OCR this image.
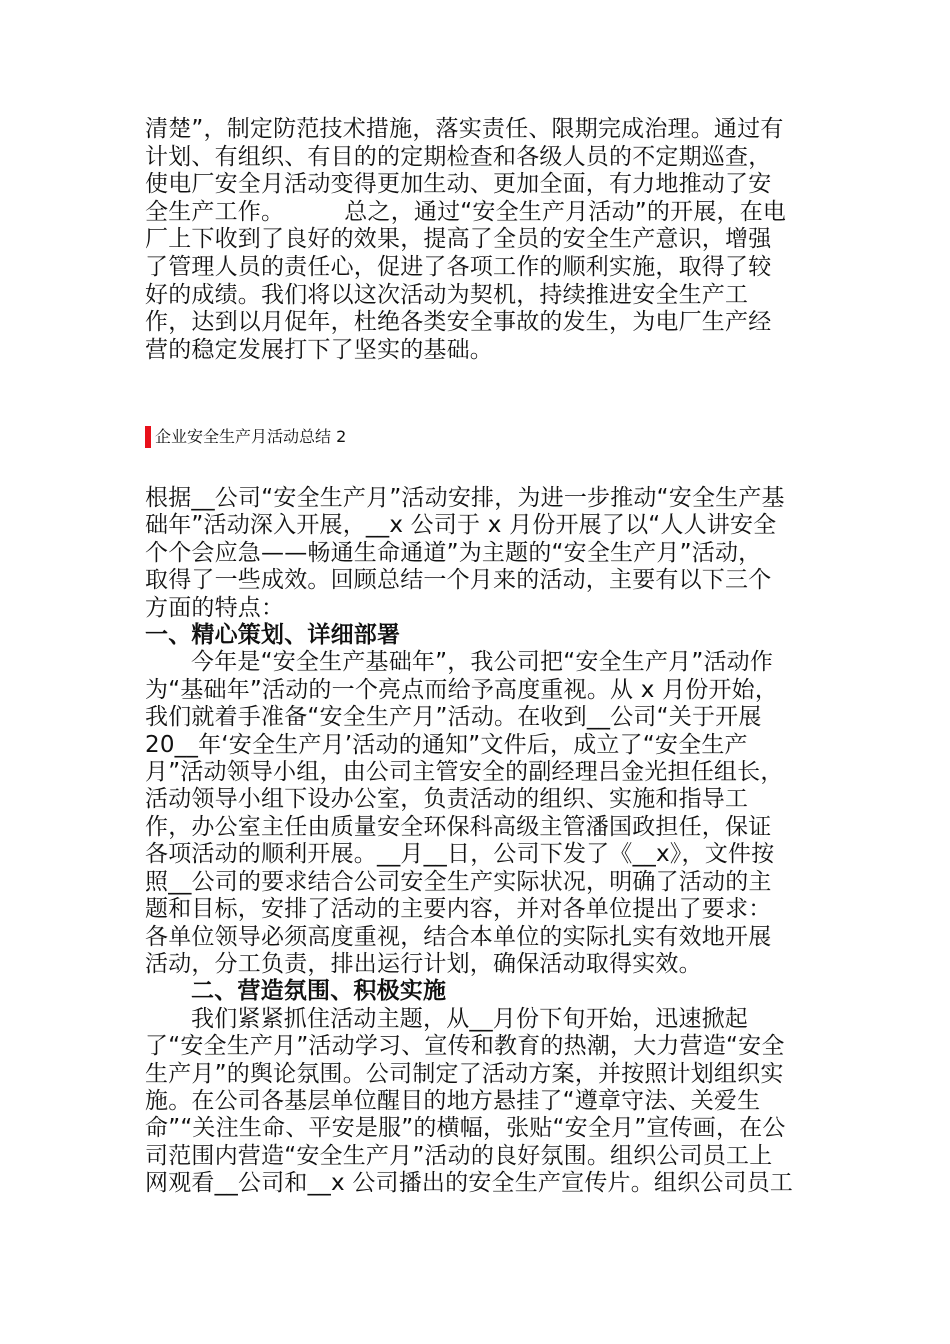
清楚”，制定防范技术措施，落实责任、限期完成治理。通过有
计划、有组织、有目的的定期检查和各级人员的不定期巡查，
使电厂安全月活动变得更加生动、更加全面，有力地推动了安
全生产工作。        总之，通过“安全生产月活动”的开展，在电
厂上下收到了良好的效果，提高了全员的安全生产意识，增强
了管理人员的责任心，促进了各项工作的顺利实施，取得了较
好的成绩。我们将以这次活动为契机，持续推进安全生产工
作，达到以月促年，杜绝各类安全事故的发生，为电厂生产经
营的稳定发展打下了坚实的基础。
企业安全生产月活动总结 2
根据__公司“安全生产月”活动安排，为进一步推动“安全生产基
础年”活动深入开展，__x 公司于 x 月份开展了以“人人讲安全
个个会应急——畅通生命通道”为主题的“安全生产月”活动，
取得了一些成效。回顾总结一个月来的活动，主要有以下三个
方面的特点：
一、精心策划、详细部署
今年是“安全生产基础年”，我公司把“安全生产月”活动作
为“基础年”活动的一个亮点而给予高度重视。从 x 月份开始，
我们就着手准备“安全生产月”活动。在收到__公司“关于开展
20__年‘安全生产月’活动的通知”文件后，成立了“安全生产
月”活动领导小组，由公司主管安全的副经理吕金光担任组长，
活动领导小组下设办公室，负责活动的组织、实施和指导工
作，办公室主任由质量安全环保科高级主管潘国政担任，保证
各项活动的顺利开展。__月__日，公司下发了《__x》，文件按
照__公司的要求结合公司安全生产实际状况，明确了活动的主
题和目标，安排了活动的主要内容，并对各单位提出了要求：
各单位领导必须高度重视，结合本单位的实际扎实有效地开展
活动，分工负责，排出运行计划，确保活动取得实效。
二、营造氛围、积极实施
我们紧紧抓住活动主题，从__月份下旬开始，迅速掀起
了“安全生产月”活动学习、宣传和教育的热潮，大力营造“安全
生产月”的舆论氛围。公司制定了活动方案，并按照计划组织实
施。在公司各基层单位醒目的地方悬挂了“遵章守法、关爱生
命”“关注生命、平安是服”的横幅，张贴“安全月”宣传画，在公
司范围内营造“安全生产月”活动的良好氛围。组织公司员工上
网观看__公司和__x 公司播出的安全生产宣传片。组织公司员工
